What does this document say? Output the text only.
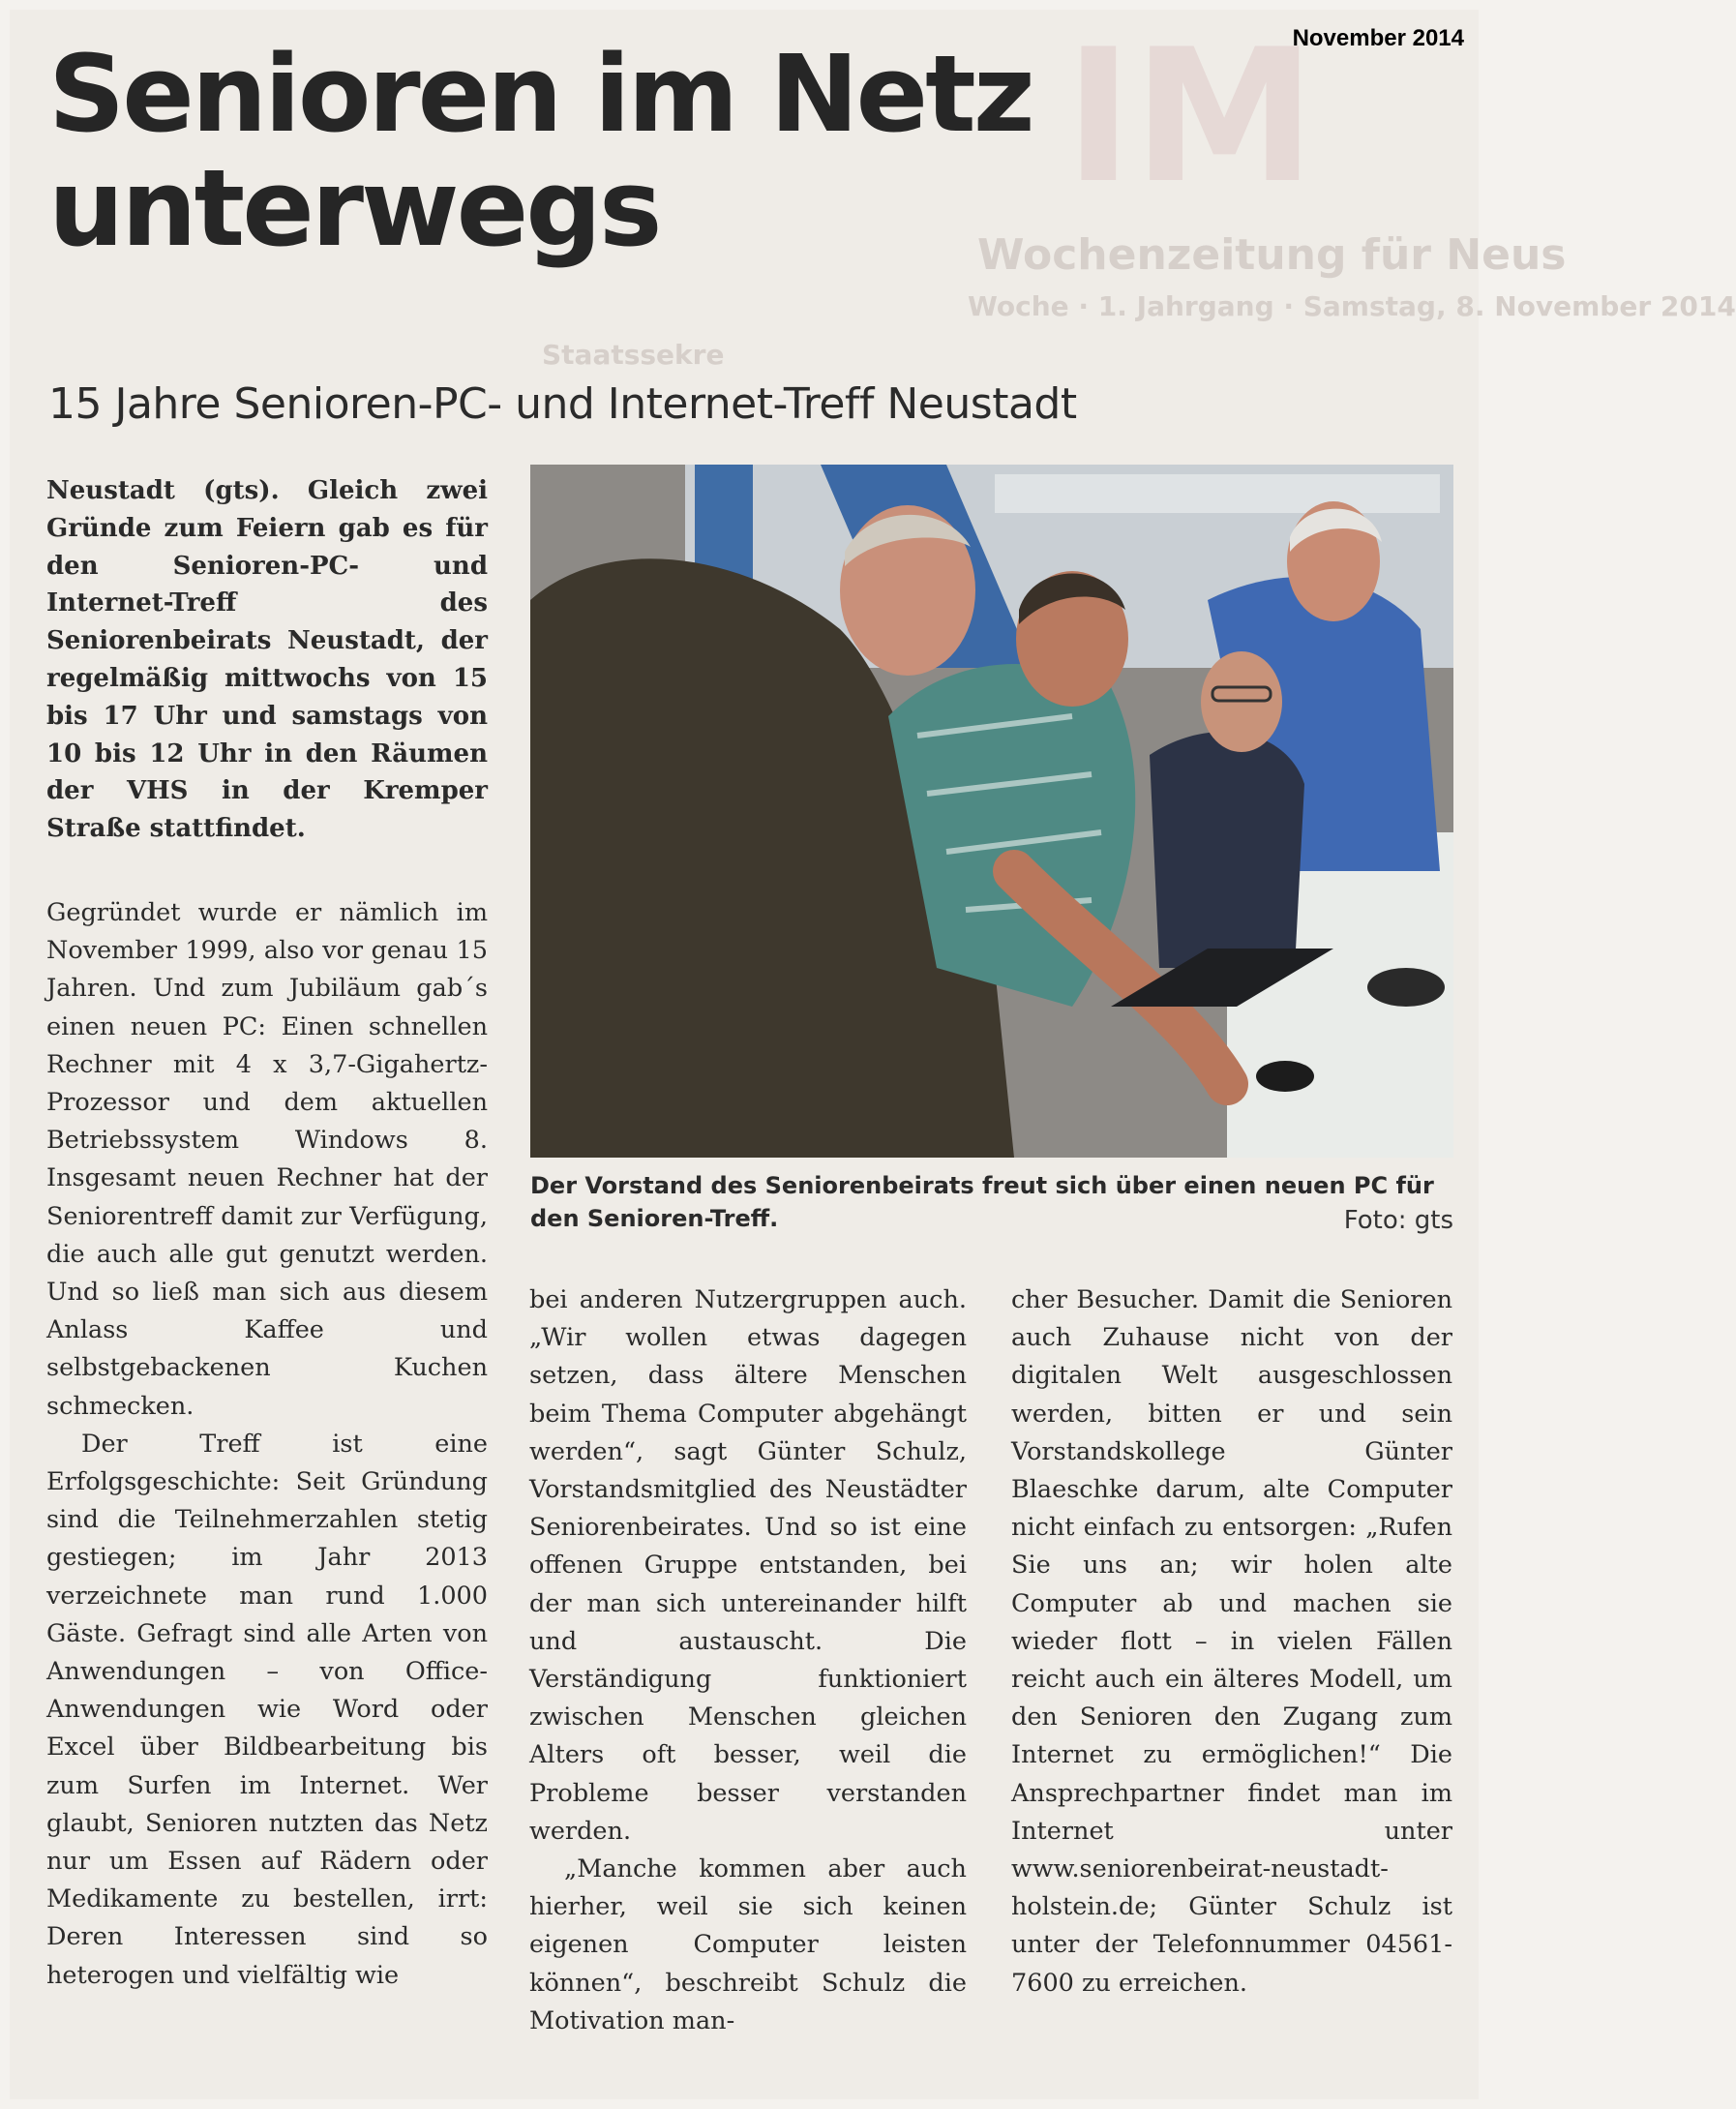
IM
Wochenzeitung für Neus
Woche · 1. Jahrgang · Samstag, 8. November 2014
Staatssekre
November 2014
Senioren im Netz
unterwegs
15 Jahre Senioren-PC- und Internet-Treff Neustadt

Neustadt (gts). Gleich zwei Gründe zum Feiern gab es für den Senioren-PC- und Internet-Treff des Seniorenbeirats Neustadt, der regelmäßig mittwochs von 15 bis 17 Uhr und samstags von 10 bis 12 Uhr in den Räumen der VHS in der Kremper Straße stattfindet.

Der Vorstand des Seniorenbeirats freut sich über einen neuen PC für den Senioren-Treff.	Foto: gts

Gegründet wurde er nämlich im November 1999, also vor genau 15 Jahren. Und zum Jubiläum gab´s einen neuen PC: Einen schnellen Rechner mit 4 x 3,7-Gigahertz-Prozessor und dem aktuellen Betriebssystem Windows 8. Insgesamt neuen Rechner hat der Seniorentreff damit zur Verfügung, die auch alle gut genutzt werden. Und so ließ man sich aus diesem Anlass Kaffee und selbstgebackenen Kuchen schmecken.

Der Treff ist eine Erfolgsgeschichte: Seit Gründung sind die Teilnehmerzahlen stetig gestiegen; im Jahr 2013 verzeichnete man rund 1.000 Gäste. Gefragt sind alle Arten von Anwendungen – von Office-Anwendungen wie Word oder Excel über Bildbearbeitung bis zum Surfen im Internet. Wer glaubt, Senioren nutzten das Netz nur um Essen auf Rädern oder Medikamente zu bestellen, irrt: Deren Interessen sind so heterogen und vielfältig wie

bei anderen Nutzergruppen auch. „Wir wollen etwas dagegen setzen, dass ältere Menschen beim Thema Computer abgehängt werden“, sagt Günter Schulz, Vorstandsmitglied des Neustädter Seniorenbeirates. Und so ist eine offenen Gruppe entstanden, bei der man sich untereinander hilft und austauscht. Die Verständigung funktioniert zwischen Menschen gleichen Alters oft besser, weil die Probleme besser verstanden werden.

„Manche kommen aber auch hierher, weil sie sich keinen eigenen Computer leisten können“, beschreibt Schulz die Motivation man-

cher Besucher. Damit die Senioren auch Zuhause nicht von der digitalen Welt ausgeschlossen werden, bitten er und sein Vorstandskollege Günter Blaeschke darum, alte Computer nicht einfach zu entsorgen: „Rufen Sie uns an; wir holen alte Computer ab und machen sie wieder flott – in vielen Fällen reicht auch ein älteres Modell, um den Senioren den Zugang zum Internet zu ermöglichen!“ Die Ansprechpartner findet man im Internet unter www.seniorenbeirat-neustadt-holstein.de; Günter Schulz ist unter der Telefonnummer 04561-7600 zu erreichen.
